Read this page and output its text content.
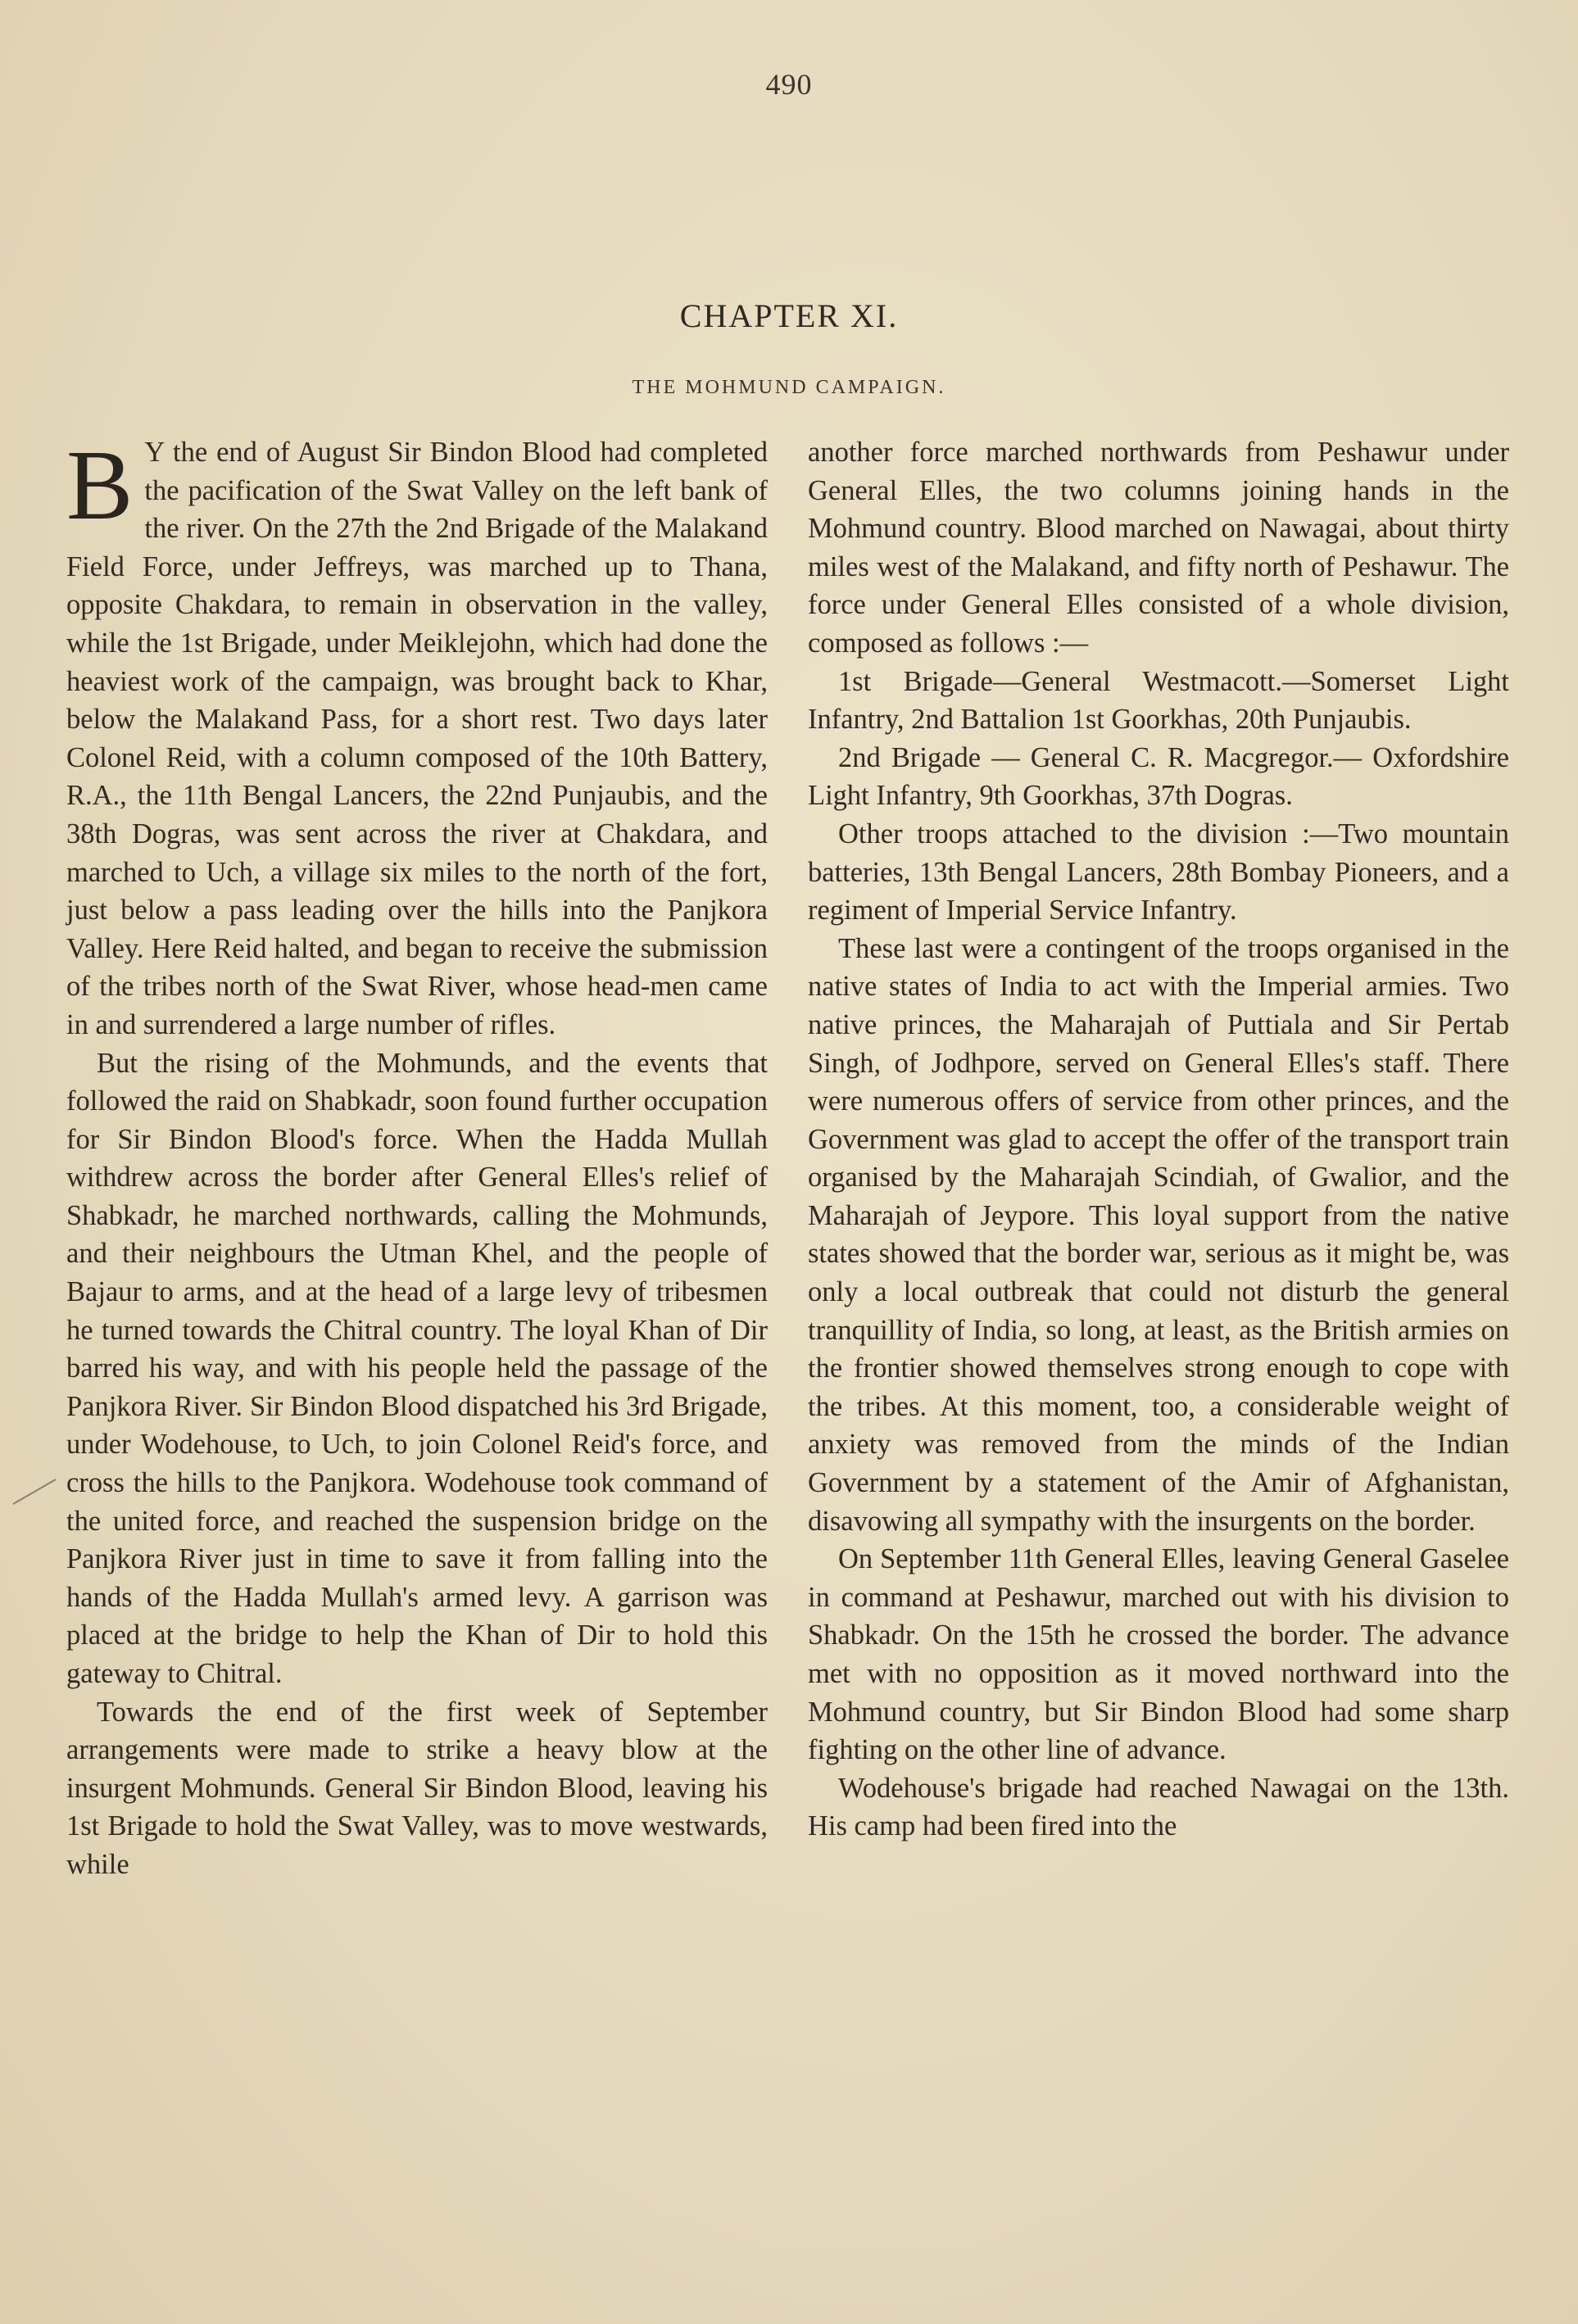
490
CHAPTER XI.
THE MOHMUND CAMPAIGN.

B Y the end of August Sir Bindon Blood had completed the pacification of the Swat Valley on the left bank of the river. On the 27th the 2nd Brigade of the Malakand Field Force, under Jeffreys, was marched up to Thana, opposite Chakdara, to remain in observation in the valley, while the 1st Brigade, under Meiklejohn, which had done the heaviest work of the campaign, was brought back to Khar, below the Malakand Pass, for a short rest. Two days later Colonel Reid, with a column composed of the 10th Battery, R.A., the 11th Bengal Lancers, the 22nd Punjaubis, and the 38th Dogras, was sent across the river at Chakdara, and marched to Uch, a village six miles to the north of the fort, just below a pass leading over the hills into the Panjkora Valley. Here Reid halted, and began to receive the submission of the tribes north of the Swat River, whose head-men came in and surrendered a large number of rifles.

But the rising of the Mohmunds, and the events that followed the raid on Shabkadr, soon found further occupation for Sir Bindon Blood's force. When the Hadda Mullah withdrew across the border after General Elles's relief of Shabkadr, he marched northwards, calling the Mohmunds, and their neighbours the Utman Khel, and the people of Bajaur to arms, and at the head of a large levy of tribesmen he turned towards the Chitral country. The loyal Khan of Dir barred his way, and with his people held the passage of the Panjkora River. Sir Bindon Blood dispatched his 3rd Brigade, under Wodehouse, to Uch, to join Colonel Reid's force, and cross the hills to the Panjkora. Wodehouse took command of the united force, and reached the suspension bridge on the Panjkora River just in time to save it from falling into the hands of the Hadda Mullah's armed levy. A garrison was placed at the bridge to help the Khan of Dir to hold this gateway to Chitral.

Towards the end of the first week of September arrangements were made to strike a heavy blow at the insurgent Mohmunds. General Sir Bindon Blood, leaving his 1st Brigade to hold the Swat Valley, was to move westwards, while

another force marched northwards from Peshawur under General Elles, the two columns joining hands in the Mohmund country. Blood marched on Nawagai, about thirty miles west of the Malakand, and fifty north of Peshawur. The force under General Elles consisted of a whole division, composed as follows :—

1st Brigade—General Westmacott.—Somerset Light Infantry, 2nd Battalion 1st Goorkhas, 20th Punjaubis.

2nd Brigade — General C. R. Macgregor.— Oxfordshire Light Infantry, 9th Goorkhas, 37th Dogras.

Other troops attached to the division :—Two mountain batteries, 13th Bengal Lancers, 28th Bombay Pioneers, and a regiment of Imperial Service Infantry.

These last were a contingent of the troops organised in the native states of India to act with the Imperial armies. Two native princes, the Maharajah of Puttiala and Sir Pertab Singh, of Jodhpore, served on General Elles's staff. There were numerous offers of service from other princes, and the Government was glad to accept the offer of the transport train organised by the Maharajah Scindiah, of Gwalior, and the Maharajah of Jeypore. This loyal support from the native states showed that the border war, serious as it might be, was only a local outbreak that could not disturb the general tranquillity of India, so long, at least, as the British armies on the frontier showed themselves strong enough to cope with the tribes. At this moment, too, a considerable weight of anxiety was removed from the minds of the Indian Government by a statement of the Amir of Afghanistan, disavowing all sympathy with the insurgents on the border.

On September 11th General Elles, leaving General Gaselee in command at Peshawur, marched out with his division to Shabkadr. On the 15th he crossed the border. The advance met with no opposition as it moved northward into the Mohmund country, but Sir Bindon Blood had some sharp fighting on the other line of advance.

Wodehouse's brigade had reached Nawagai on the 13th. His camp had been fired into the
